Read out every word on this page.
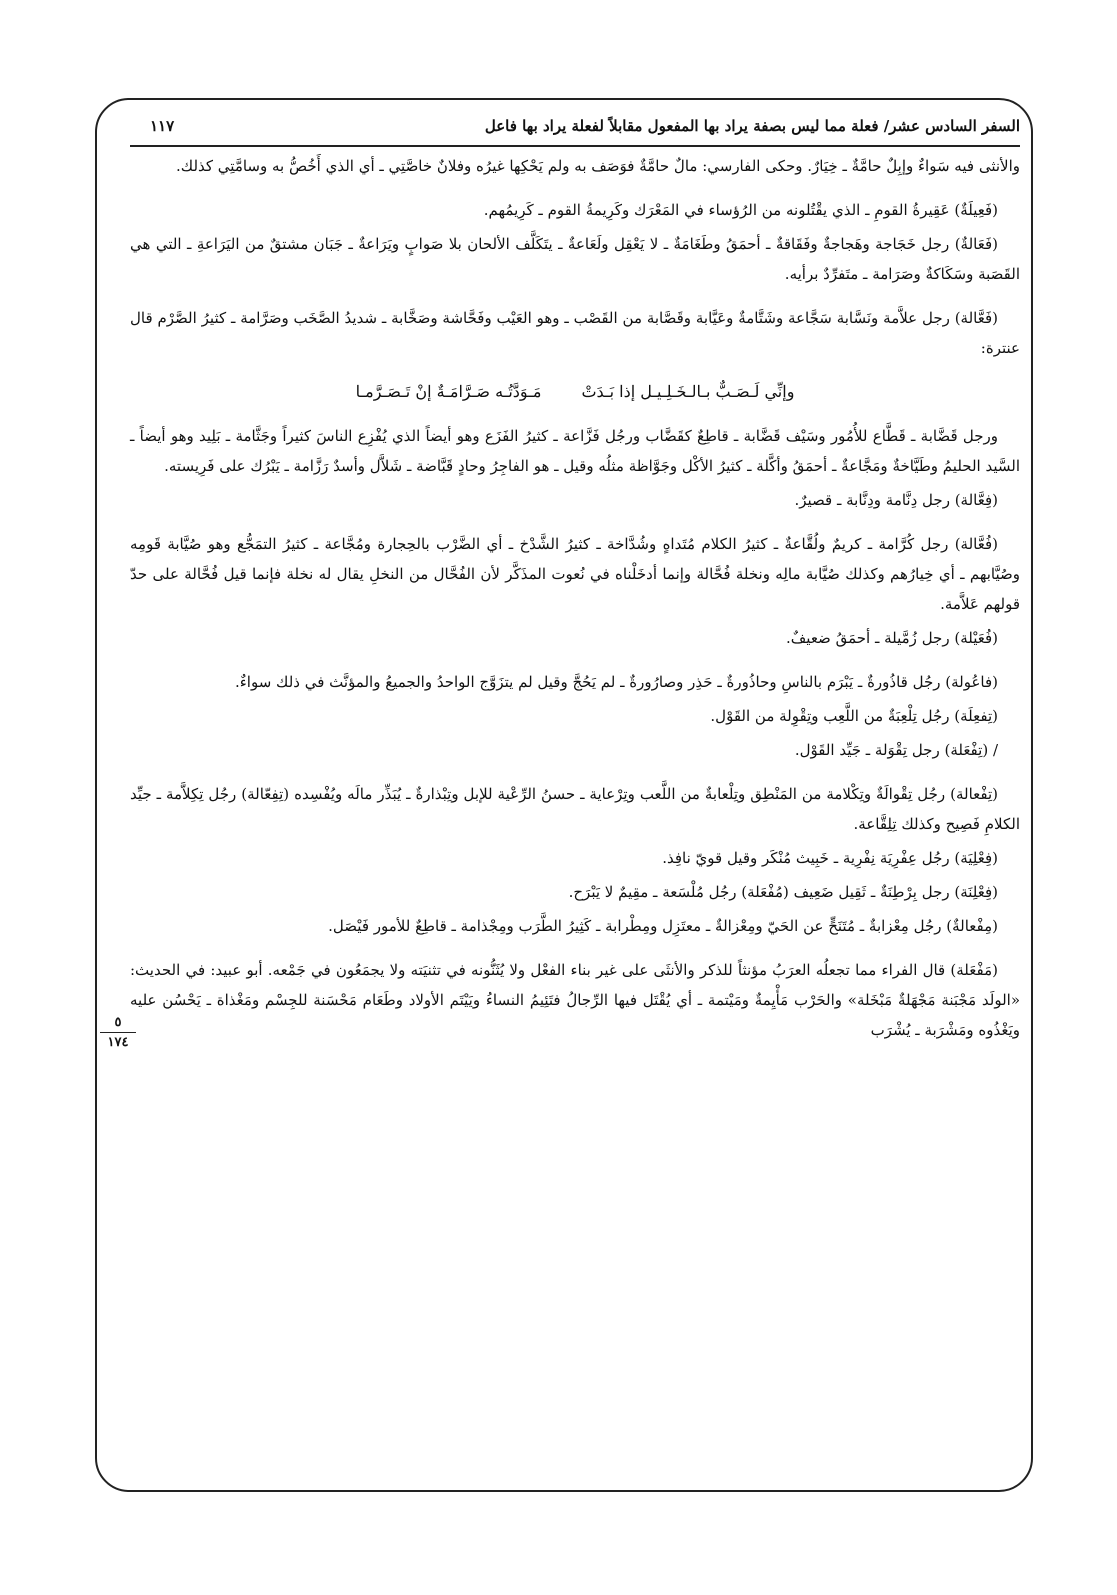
السفر السادس عشر/ فعلة مما ليس بصفة يراد بها المفعول مقابلاً لفعلة يراد بها فاعل
١١٧
والأنثى فيه سَواءٌ وإبِلٌ حامَّةٌ ـ خِيَارٌ. وحكى الفارسي: مالٌ حامَّةٌ فوَصَف به ولم يَحْكِها غيرُه وفلانٌ خاصَّتِي ـ أي الذي أَخُصُّ به وسامَّتِي كذلك.
(فَعِيلَةٌ) عَقِيرةُ القومِ ـ الذي يقْتُلونه من الرُؤساء في المَعْرَك وكَرِيمةُ القوم ـ كَرِيمُهم.
(فَعَالةٌ) رجل خَجَاجة وهَجاجةٌ وفَقَاقةٌ ـ أحمَقُ وطَغَامَةٌ ـ لا يَعْقِل ولَعَاعةٌ ـ يتَكَلَّف الألحان بلا صَوابٍ ويَرَاعةٌ ـ جَبَان مشتقٌ من اليَرَاعةِ ـ التي هي القَصَبة وسَكَاكةٌ وصَرَامة ـ متَفرِّدٌ برأيه.
(فَعَّالة) رجل علاَّمة ونَسَّابة سَجَّاعة وشَتَّامةٌ وعَيَّابة وقَصَّابة من القَصْب ـ وهو العَيْب وفَحَّاشة وصَخَّابة ـ شديدُ الصَّخَب وصَرَّامة ـ كثيرُ الصَّرْم قال عنترة:
وإنِّي لَـصَـبٌّ بـالـخَـلِـيـل إذا بَـدَتْ
مَـوَدَّتُـه صَـرَّامَـةٌ إنْ تَـصَـرَّمـا
ورجل قَضَّابة ـ قَطَّاع للأُمُور وسَيْف قَضَّابة ـ قاطِعٌ كقَضَّاب ورجُل فَزَّاعة ـ كثيرُ الفَزَع وهو أيضاً الذي يُفْزِع الناسَ كثيراً وجَثَّامة ـ بَلِيد وهو أيضاً ـ السَّيد الحليمُ وطَيَّاخةٌ ومَجَّاعةٌ ـ أحمَقُ وأكَّلة ـ كثيرُ الأكْل وجَوَّاظة مثلُه وقيل ـ هو الفاجِرُ وحادٍ قَبَّاضة ـ شَلاَّل وأسدٌ رَزَّامة ـ يَبْرُك على فَرِيسته.
(فِعَّالة) رجل دِنَّامة ودِنَّابة ـ قصيرٌ.
(فُعَّالة) رجل كُرَّامة ـ كريمٌ ولُقَّاعةٌ ـ كثيرُ الكلام مُتَداهٍ وشُدَّاخة ـ كثيرُ الشَّدْخ ـ أي الضَّرْب بالحِجارة ومُجَّاعة ـ كثيرُ التمَجُّع وهو صُيَّابة قَومِه وصُيَّابهم ـ أي خِيارُهم وكذلك صُيَّابة مالِه ونخلة فُحَّالة وإنما أدخَلْناه في نُعوت المذَكَّر لأن الفُحَّال من النخلِ يقال له نخلة فإنما قيل فُحَّالة على حدّ قولهم عَلاَّمة.
(فُعَيْلة) رجل زُمَّيلة ـ أحمَقُ ضعيفٌ.
(فاعُولة) رجُل قاذُورةٌ ـ يَبْرَم بالناسِ وحاذُورةٌ ـ حَذِر وصارُورةٌ ـ لم يَحُجَّ وقيل لم يتزَوَّج الواحدُ والجميعُ والمؤنَّث في ذلك سواءٌ.
(تِفعِلَة) رجُل تِلْعِبَةٌ من اللَّعِب وتِقْوِلة من القَوْل.
/ (تِفْعَلة) رجل تِقْوَلة ـ جَيِّد القَوْل.
(تِفْعالة) رجُل تِقْوالَةٌ وتِكْلامة من المَنْطِق وتِلْعابةٌ من اللَّعب وتِرْعاية ـ حسنُ الرِّعْية للإبل وتِبْذارةٌ ـ يُبَذِّر مالَه ويُفْسِده (تِفِعّالة) رجُل تِكِلاَّمة ـ جيِّد الكلامِ فَصِيح وكذلك تِلِقَّاعة.
(فِعْلِيَة) رجُل عِفْرِيَة نِفْرِية ـ خَبِيث مُنْكَر وقيل قويّ نافِذ.
(فِعْلِنَة) رجل بِرْطِنَةٌ ـ ثَقِيل ضَعِيف (مُفْعَلة) رجُل مُلْسَعة ـ مقِيمٌ لا يَبْرَح.
(مِفْعالةٌ) رجُل مِعْزابةٌ ـ مُتَنَحٍّ عن الحَيّ ومِعْزالةٌ ـ معتَزِل ومِطْرابة ـ كَثِيرُ الطَّرَب ومِجْذامة ـ قاطِعٌ للأمور فَيْصَل.
(مَفْعَلة) قال الفراء مما تجعلُه العرَبُ مؤنثاً للذكر والأنثَى على غير بناء الفعْل ولا يُثَنُّونه في تثنيَته ولا يجمَعُون في جَمْعه. أبو عبيد: في الحديث: «الولَد مَجْبَنة مَجْهَلةٌ مَبْخَلة» والحَرْب مَأْيِمةٌ ومَيْتمة ـ أي يُقْتَل فيها الرِّجالُ فتَئِيمُ النساءُ ويَيْتَم الأولاد وطَعَام مَحْسَنة للجِسْم ومَغْذاة ـ يَحْسُن عليه ويَغْذُوه ومَشْرَبة ـ يُشْرَب
٥
١٧٤
